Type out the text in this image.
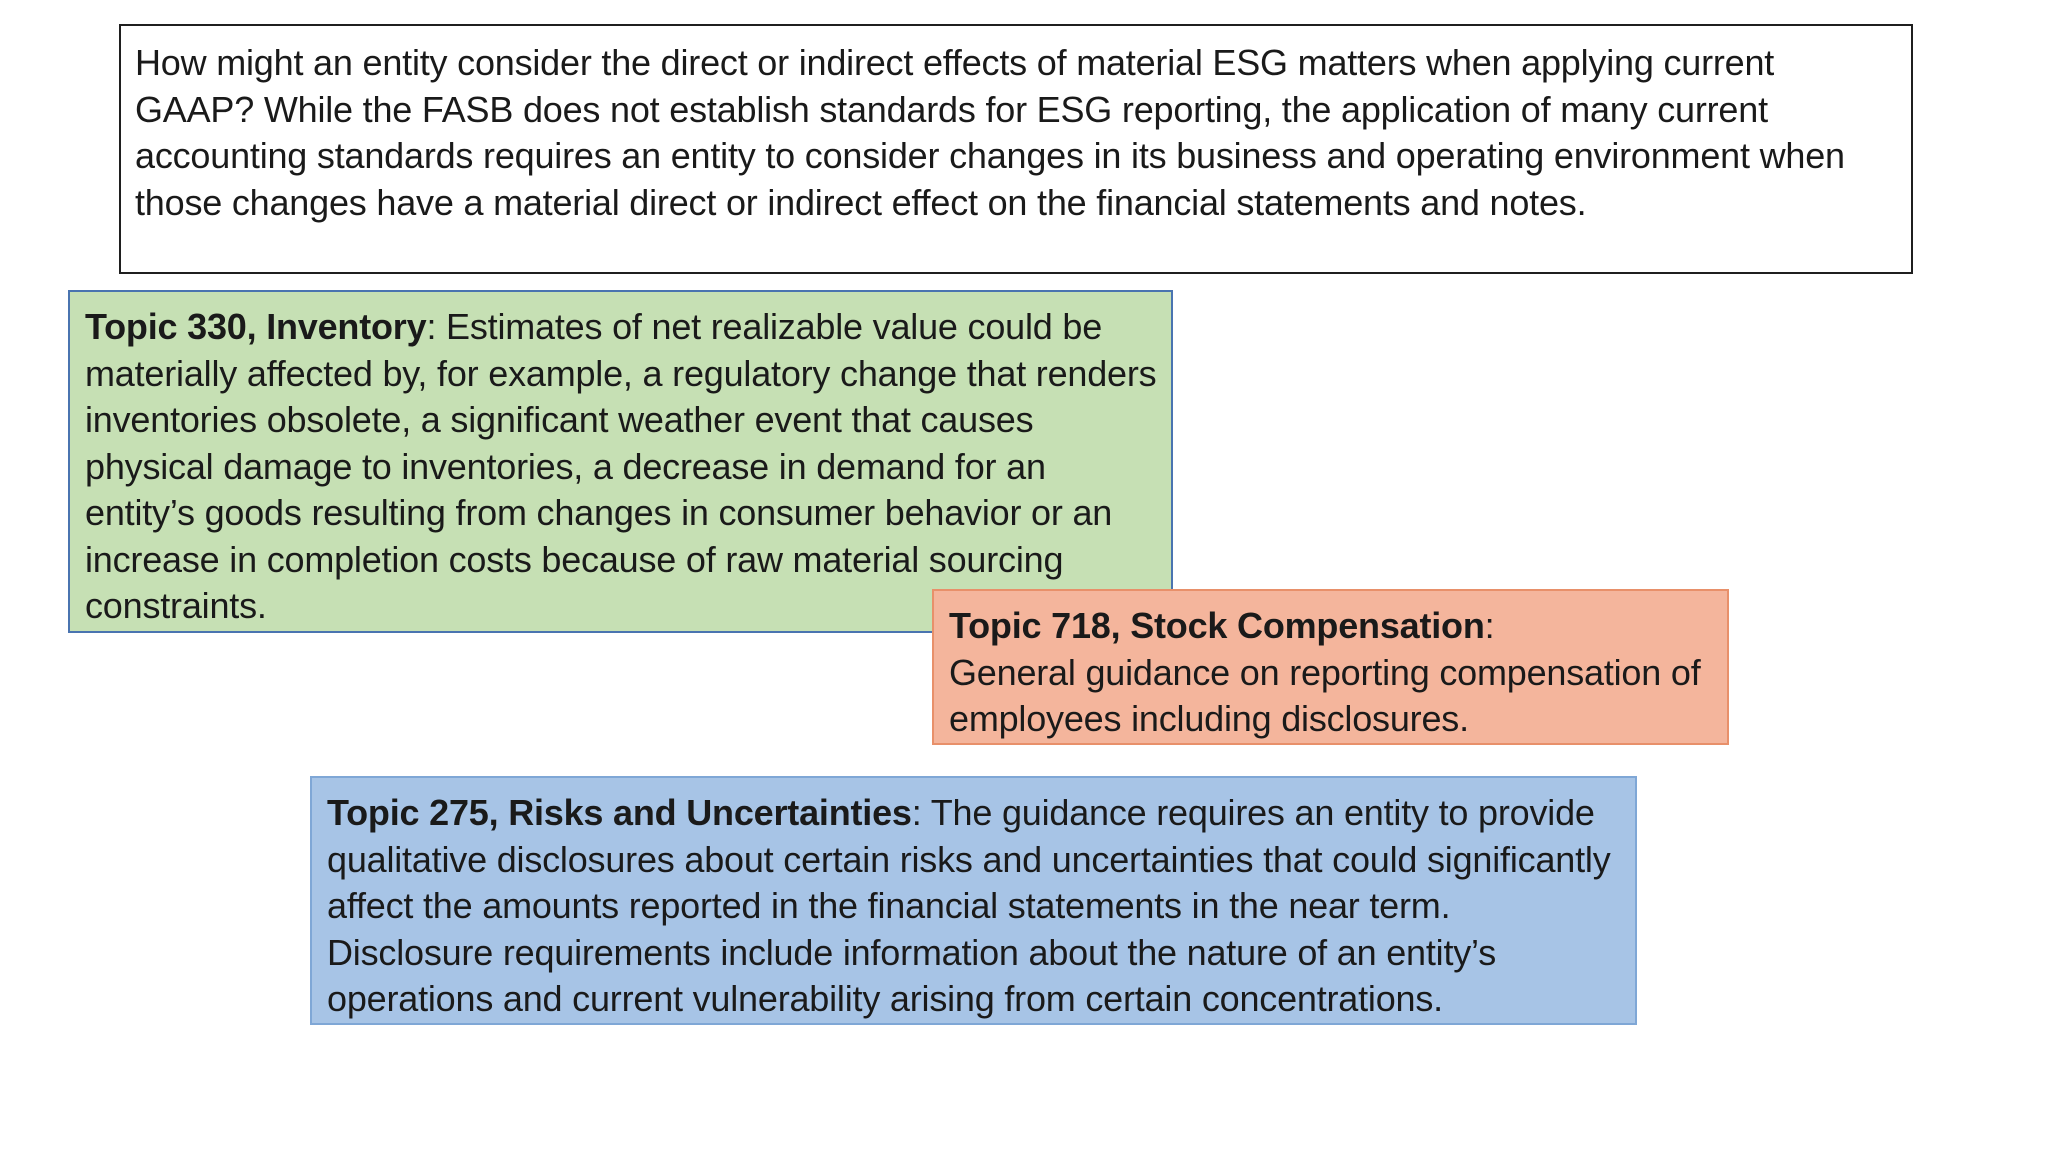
How might an entity consider the direct or indirect effects of material ESG matters when applying current GAAP? While the FASB does not establish standards for ESG reporting, the application of many current accounting standards requires an entity to consider changes in its business and operating environment when those changes have a material direct or indirect effect on the financial statements and notes.
Topic 330, Inventory: Estimates of net realizable value could be materially affected by, for example, a regulatory change that renders inventories obsolete, a significant weather event that causes physical damage to inventories, a decrease in demand for an entity’s goods resulting from changes in consumer behavior or an increase in completion costs because of raw material sourcing constraints.	Topic 718, Stock Compensation:
General guidance on reporting compensation of employees including disclosures.
Topic 275, Risks and Uncertainties: The guidance requires an entity to provide qualitative disclosures about certain risks and uncertainties that could significantly affect the amounts reported in the financial statements in the near term. Disclosure requirements include information about the nature of an entity’s operations and current vulnerability arising from certain concentrations.
